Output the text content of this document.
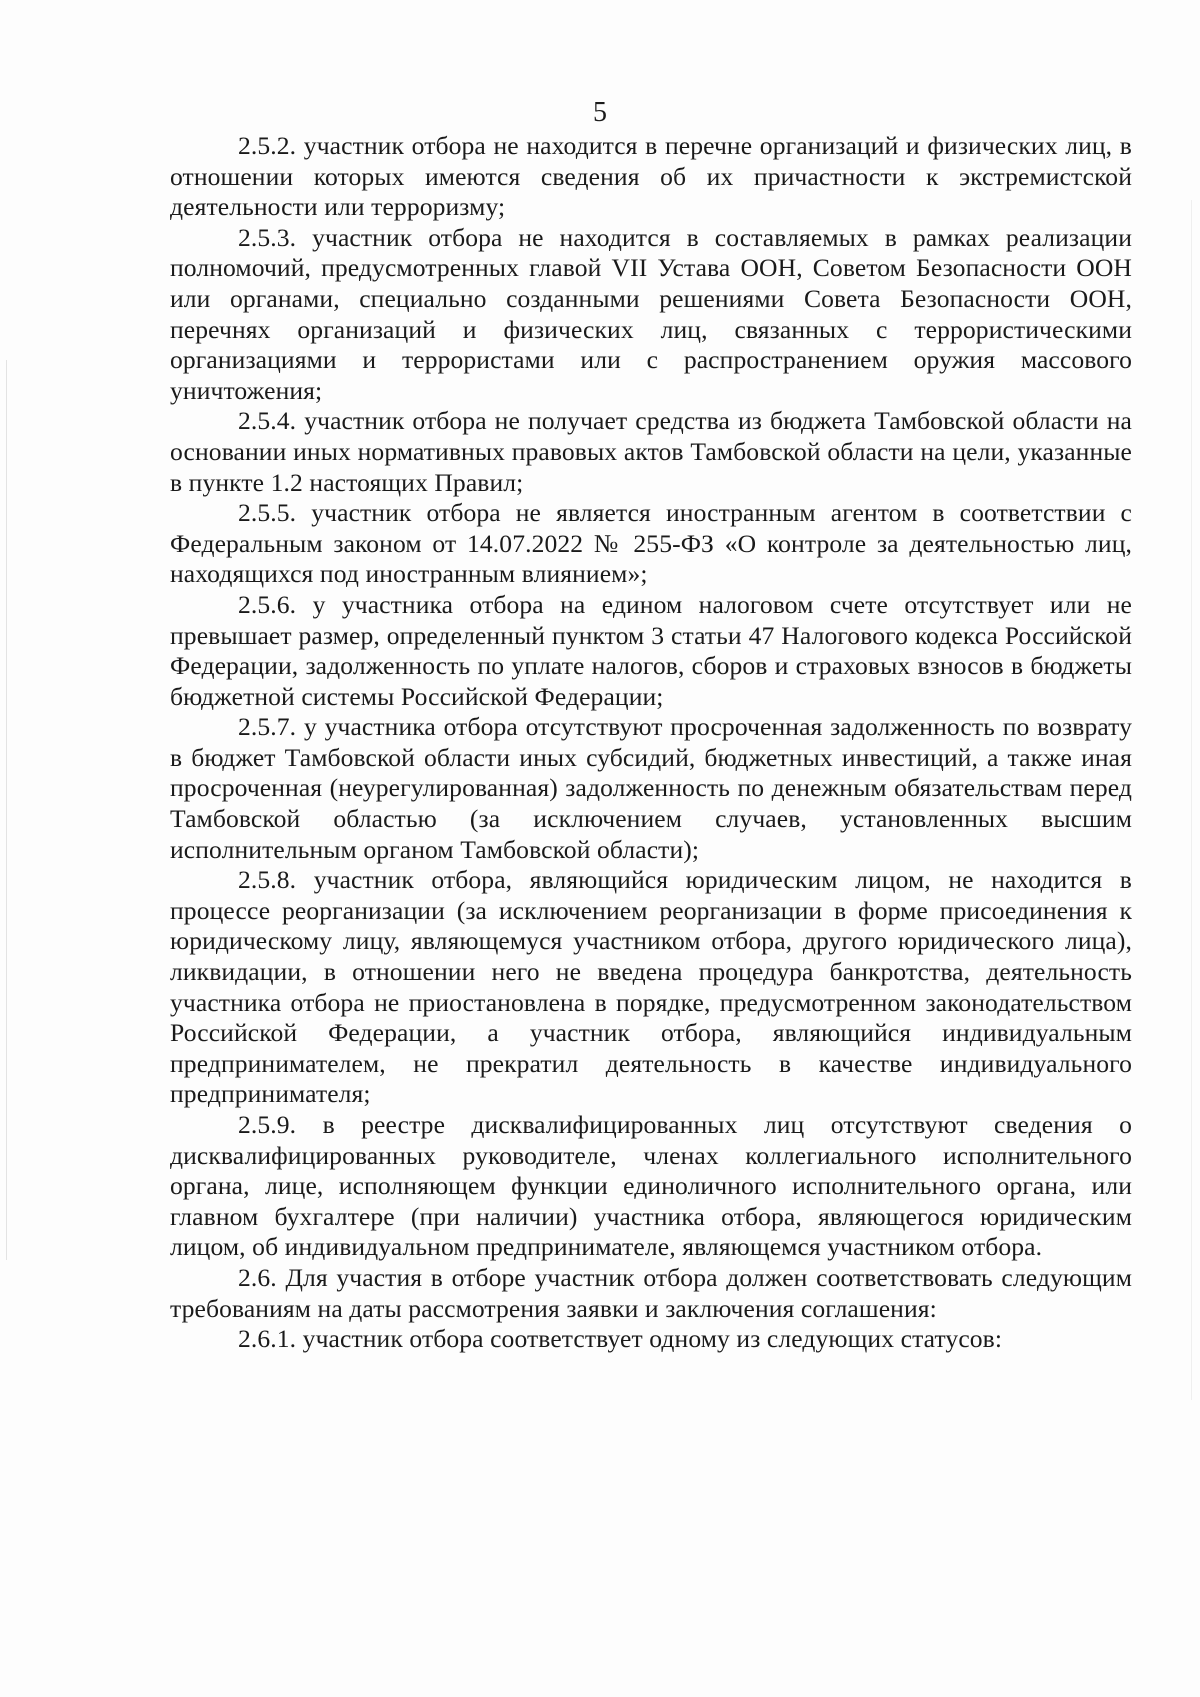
5

2.5.2. участник отбора не находится в перечне организаций и физических лиц, в отношении которых имеются сведения об их причастности к экстремистской деятельности или терроризму;

2.5.3. участник отбора не находится в составляемых в рамках реализации полномочий, предусмотренных главой VII Устава ООН, Советом Безопасности ООН или органами, специально созданными решениями Совета Безопасности ООН, перечнях организаций и физических лиц, связанных с террористическими организациями и террористами или с распространением оружия массового уничтожения;

2.5.4. участник отбора не получает средства из бюджета Тамбовской области на основании иных нормативных правовых актов Тамбовской области на цели, указанные в пункте 1.2 настоящих Правил;

2.5.5. участник отбора не является иностранным агентом в соответствии с Федеральным законом от 14.07.2022 № 255-ФЗ «О контроле за деятельностью лиц, находящихся под иностранным влиянием»;

2.5.6. у участника отбора на едином налоговом счете отсутствует или не превышает размер, определенный пунктом 3 статьи 47 Налогового кодекса Российской Федерации, задолженность по уплате налогов, сборов и страховых взносов в бюджеты бюджетной системы Российской Федерации;

2.5.7. у участника отбора отсутствуют просроченная задолженность по возврату в бюджет Тамбовской области иных субсидий, бюджетных инвестиций, а также иная просроченная (неурегулированная) задолженность по денежным обязательствам перед Тамбовской областью (за исключением случаев, установленных высшим исполнительным органом Тамбовской области);

2.5.8. участник отбора, являющийся юридическим лицом, не находится в процессе реорганизации (за исключением реорганизации в форме присоединения к юридическому лицу, являющемуся участником отбора, другого юридического лица), ликвидации, в отношении него не введена процедура банкротства, деятельность участника отбора не приостановлена в порядке, предусмотренном законодательством Российской Федерации, а участник отбора, являющийся индивидуальным предпринимателем, не прекратил деятельность в качестве индивидуального предпринимателя;

2.5.9. в реестре дисквалифицированных лиц отсутствуют сведения о дисквалифицированных руководителе, членах коллегиального исполнительного органа, лице, исполняющем функции единоличного исполнительного органа, или главном бухгалтере (при наличии) участника отбора, являющегося юридическим лицом, об индивидуальном предпринимателе, являющемся участником отбора.

2.6. Для участия в отборе участник отбора должен соответствовать следующим требованиям на даты рассмотрения заявки и заключения соглашения:

2.6.1. участник отбора соответствует одному из следующих статусов:
